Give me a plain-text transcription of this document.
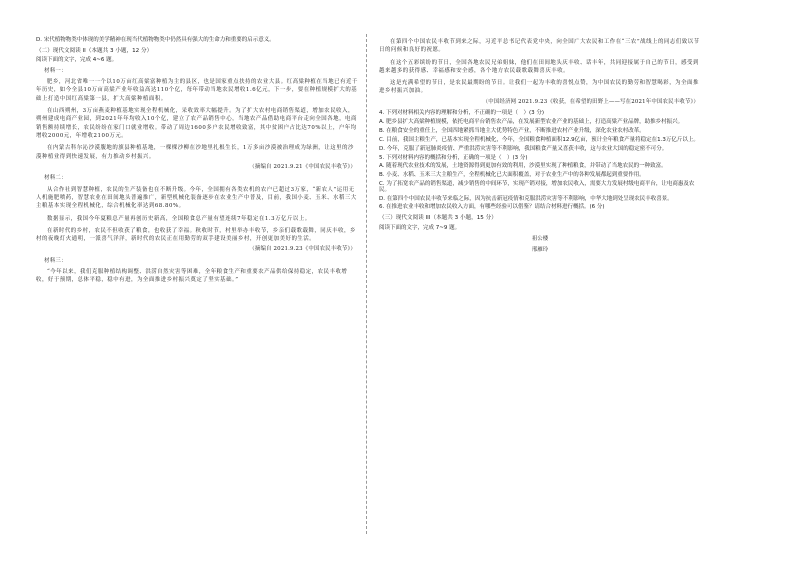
D. 宋代植物物类中体现的美学精神在现当代植物物类中仍然具有强大的生命力和重要的启示意义。

（二）现代文阅读 II（本题共 3 小题，12 分）

阅读下面的文字，完成 4~6 题。

材料一：

肥乡，河北省唯一一个以10万亩红高粱富种植为主的县区，也是国家重点扶持的农业大县。红高粱种植在当地已有近千年历史，如今全县10万亩高粱产业年收益高达110个亿，每年带动当地农民增收1.6亿元，下一步，要在种植规模扩大的基础上打造中国红高粱第一县，扩大高粱种植面积。

在山西朔州，3万亩燕麦种植基地实现全程机械化，采收效率大幅提升。为了扩大农村电商销售渠道，增加农民收入，朔州建成电商产业园，到2021年年均收入10个亿，建立了农产品销售中心，当地农产品借助电商平台走向全国各地，电商销售额持续增长，农民纷纷在家门口就业增收。带动了周边1600多户农民增收致富，其中贫困户占比达70%以上，户年均增收2000元，年增收2100万元。

在内蒙古科尔沁沙漠腹地的旗县种植基地，一棵棵沙柳在沙地里扎根生长，1万多亩沙漠被治理成为绿洲，让这里的沙漠种植业得到快速发展，有力推动乡村振兴。

（摘编自 2021.9.21《中国农民丰收节》）

材料二：

从合作社到智慧种植，农民的生产装备也在不断升级。今年，全国拥有各类农机的农户已超过3万家，“新农人”运用无人机施肥喷药，智慧农业在田间地头普遍推广，新型机械化装备逐步在农业生产中普及，目前，我国小麦、玉米、水稻三大主粮基本实现全程机械化，综合机械化率达到68.80%。

数据显示，我国今年夏粮总产量再创历史新高，全国粮食总产量有望连续7年稳定在1.3万亿斤以上。

在新时代的乡村，农民不但收获了粮食，也收获了幸福。秋收时节，村里举办丰收节，乡亲们载歌载舞，同庆丰收，乡村的夜晚灯火通明，一派喜气洋洋，新时代的农民正在用勤劳的双手建设美丽乡村，开创更加美好的生活。

（摘编自 2021.9.23《中国农民丰收节》）

材料三：

“今年以来，我们克服种植结构调整、洪涝自然灾害等困难，全年粮食生产和重要农产品供给保持稳定，农民丰收增收，好于预期，总体平稳，稳中有进，为全面推进乡村振兴奠定了坚实基础。”

在第四个中国农民丰收节到来之际，习近平总书记代表党中央，向全国广大农民和工作在“三农”战线上的同志们致以节日的问候和良好的祝愿。

在这个五彩缤纷的节日，全国各地农民兄弟姐妹，他们在田间地头庆丰收、话丰年，共同迎接属于自己的节日，感受到越来越多的获得感、幸福感和安全感，各个地方农民载歌载舞喜庆丰收。

这是充满希望的节日，是农民最期盼的节日。让我们一起为丰收的喜悦点赞，为中国农民的勤劳和智慧喝彩，为全面推进乡村振兴加油。

（中国经济网 2021.9.23《收获，在希望的田野上——写在2021年中国农民丰收节》）

4. 下列对材料相关内容的理解和分析，不正确的一项是（　）(3 分)

A. 肥乡县扩大高粱种植规模，依托电商平台销售农产品，在发展新型农业产业的基础上，打造高粱产业品牌，助推乡村振兴。

B. 在粮食安全的重任上，全国四地紧抓当地主大优势特色产业，不断推进农村产业升级，深化农业农村改革。

C. 目前，我国主粮生产，已基本实现全程机械化，今年，全国粮食种植面积12.9亿亩，预计全年粮食产量将稳定在1.3万亿斤以上。

D. 今年，克服了新冠肺炎疫情、严重洪涝灾害等不利影响，我国粮食产量又喜获丰收，这与农业大国的稳定密不可分。

5. 下列对材料内容的概括和分析，正确的一项是（　）(3 分)

A. 随着现代农业技术的发展，土地资源得到更加有效的利用，沙漠里实现了种植粮食，并带动了当地农民的一种致富。

B. 小麦、水稻、玉米三大主粮生产，全程机械化已大面积覆盖，对于农业生产中的各种发展都起到重要作用。

C. 为了拓宽农产品的销售渠道，减少销售的中间环节，实现产销对接，增加农民收入，需要大力发展村级电商平台，让电商惠及农民。

D. 在第四个中国农民丰收节来临之际，因为抗击新冠疫情和克服洪涝灾害等不利影响，中华大地到处呈现农民丰收喜景。

6. 在推进农业丰收和增加农民收入方面，有哪些经验可以借鉴？请结合材料进行概括。(6 分)

（三）现代文阅读 III（本题共 3 小题，15 分）

阅读下面的文字，完成 7~9 题。

祖公楼

邢雁玲
